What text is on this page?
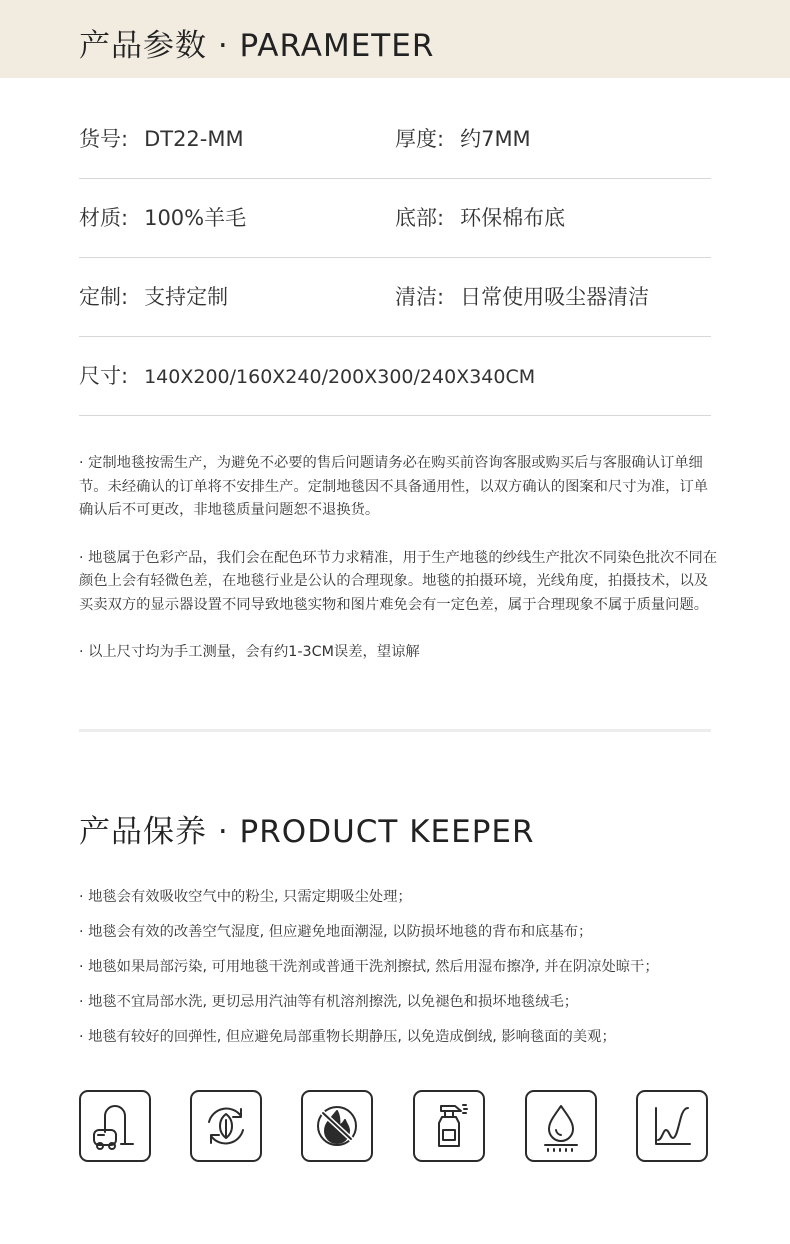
产品参数 · PARAMETER
货号: DT22-MM	厚度: 约7MM
材质: 100%羊毛	底部: 环保棉布底
定制: 支持定制	清洁: 日常使用吸尘器清洁
尺寸: 140X200/160X240/200X300/240X340CM

· 定制地毯按需生产，为避免不必要的售后问题请务必在购买前咨询客服或购买后与客服确认订单细节。未经确认的订单将不安排生产。定制地毯因不具备通用性，以双方确认的图案和尺寸为准，订单确认后不可更改，非地毯质量问题恕不退换货。

· 地毯属于色彩产品，我们会在配色环节力求精准，用于生产地毯的纱线生产批次不同染色批次不同在颜色上会有轻微色差，在地毯行业是公认的合理现象。地毯的拍摄环境，光线角度，拍摄技术，以及买卖双方的显示器设置不同导致地毯实物和图片难免会有一定色差，属于合理现象不属于质量问题。

· 以上尺寸均为手工测量，会有约1-3CM误差，望谅解

产品保养 · PRODUCT KEEPER
· 地毯会有效吸收空气中的粉尘, 只需定期吸尘处理；
· 地毯会有效的改善空气湿度, 但应避免地面潮湿, 以防损坏地毯的背布和底基布；
· 地毯如果局部污染, 可用地毯干洗剂或普通干洗剂擦拭, 然后用湿布擦净, 并在阴凉处晾干；
· 地毯不宜局部水洗, 更切忌用汽油等有机溶剂擦洗, 以免褪色和损坏地毯绒毛；
· 地毯有较好的回弹性, 但应避免局部重物长期静压, 以免造成倒绒, 影响毯面的美观；
